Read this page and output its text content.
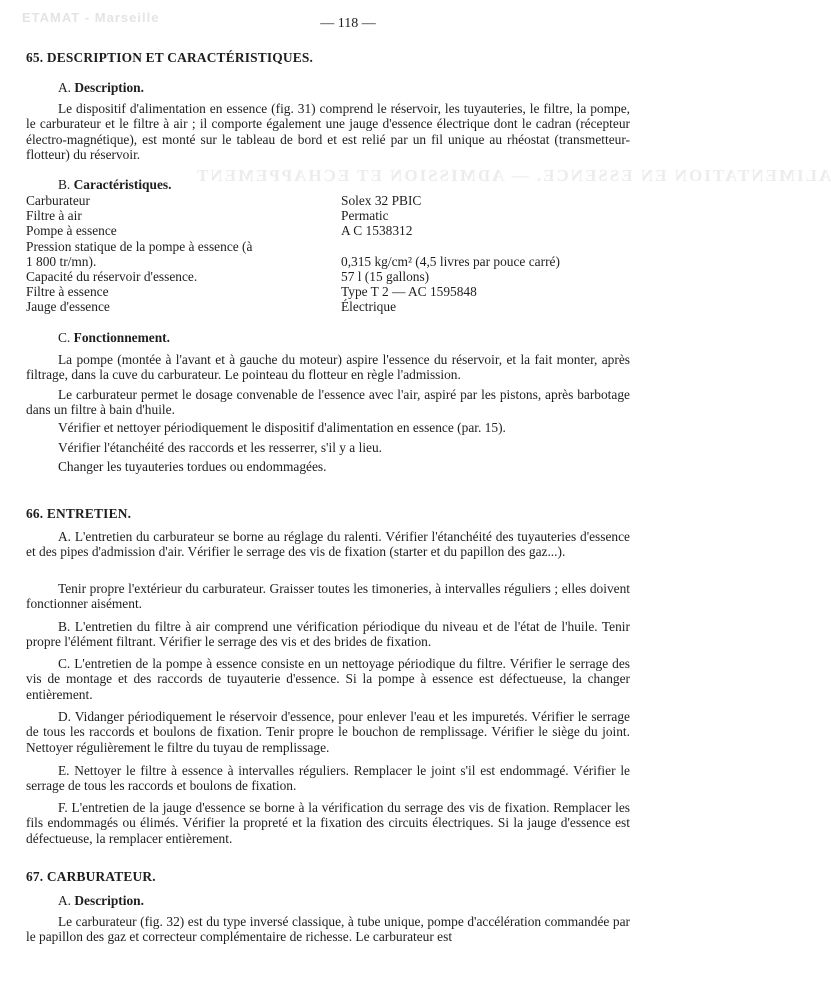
ETAMAT - Marseille
ALIMENTATION EN ESSENCE. — ADMISSION ET ECHAPPEMENT
— 118 —
65. DESCRIPTION ET CARACTÉRISTIQUES.
A. Description.

Le dispositif d'alimentation en essence (fig. 31) comprend le réservoir, les tuyauteries, le filtre, la pompe, le carburateur et le filtre à air ; il comporte également une jauge d'essence électrique dont le cadran (récepteur électro-magnétique), est monté sur le tableau de bord et est relié par un fil unique au rhéostat (transmetteur-flotteur) du réservoir.

B. Caractéristiques.
Carburateur	Solex 32 PBIC
Filtre à air	Permatic
Pompe à essence	A C 1538312
Pression statique de la pompe à essence (à	
1 800 tr/mn).	0,315 kg/cm² (4,5 livres par pouce carré)
Capacité du réservoir d'essence.	57 l (15 gallons)
Filtre à essence	Type T 2 — AC 1595848
Jauge d'essence	Électrique
C. Fonctionnement.

La pompe (montée à l'avant et à gauche du moteur) aspire l'essence du réservoir, et la fait monter, après filtrage, dans la cuve du carburateur. Le pointeau du flotteur en règle l'admission.

Le carburateur permet le dosage convenable de l'essence avec l'air, aspiré par les pistons, après barbotage dans un filtre à bain d'huile.

Vérifier et nettoyer périodiquement le dispositif d'alimentation en essence (par. 15).

Vérifier l'étanchéité des raccords et les resserrer, s'il y a lieu.

Changer les tuyauteries tordues ou endommagées.

66. ENTRETIEN.

A. L'entretien du carburateur se borne au réglage du ralenti. Vérifier l'étanchéité des tuyauteries d'essence et des pipes d'admission d'air. Vérifier le serrage des vis de fixation (starter et du papillon des gaz...).

Tenir propre l'extérieur du carburateur. Graisser toutes les timoneries, à intervalles réguliers ; elles doivent fonctionner aisément.

B. L'entretien du filtre à air comprend une vérification périodique du niveau et de l'état de l'huile. Tenir propre l'élément filtrant. Vérifier le serrage des vis et des brides de fixation.

C. L'entretien de la pompe à essence consiste en un nettoyage périodique du filtre. Vérifier le serrage des vis de montage et des raccords de tuyauterie d'essence. Si la pompe à essence est défectueuse, la changer entièrement.

D. Vidanger périodiquement le réservoir d'essence, pour enlever l'eau et les impuretés. Vérifier le serrage de tous les raccords et boulons de fixation. Tenir propre le bouchon de remplissage. Vérifier le siège du joint. Nettoyer régulièrement le filtre du tuyau de remplissage.

E. Nettoyer le filtre à essence à intervalles réguliers. Remplacer le joint s'il est endommagé. Vérifier le serrage de tous les raccords et boulons de fixation.

F. L'entretien de la jauge d'essence se borne à la vérification du serrage des vis de fixation. Remplacer les fils endommagés ou élimés. Vérifier la propreté et la fixation des circuits électriques. Si la jauge d'essence est défectueuse, la remplacer entièrement.

67. CARBURATEUR.
A. Description.

Le carburateur (fig. 32) est du type inversé classique, à tube unique, pompe d'accélération commandée par le papillon des gaz et correcteur complémentaire de richesse. Le carburateur est
